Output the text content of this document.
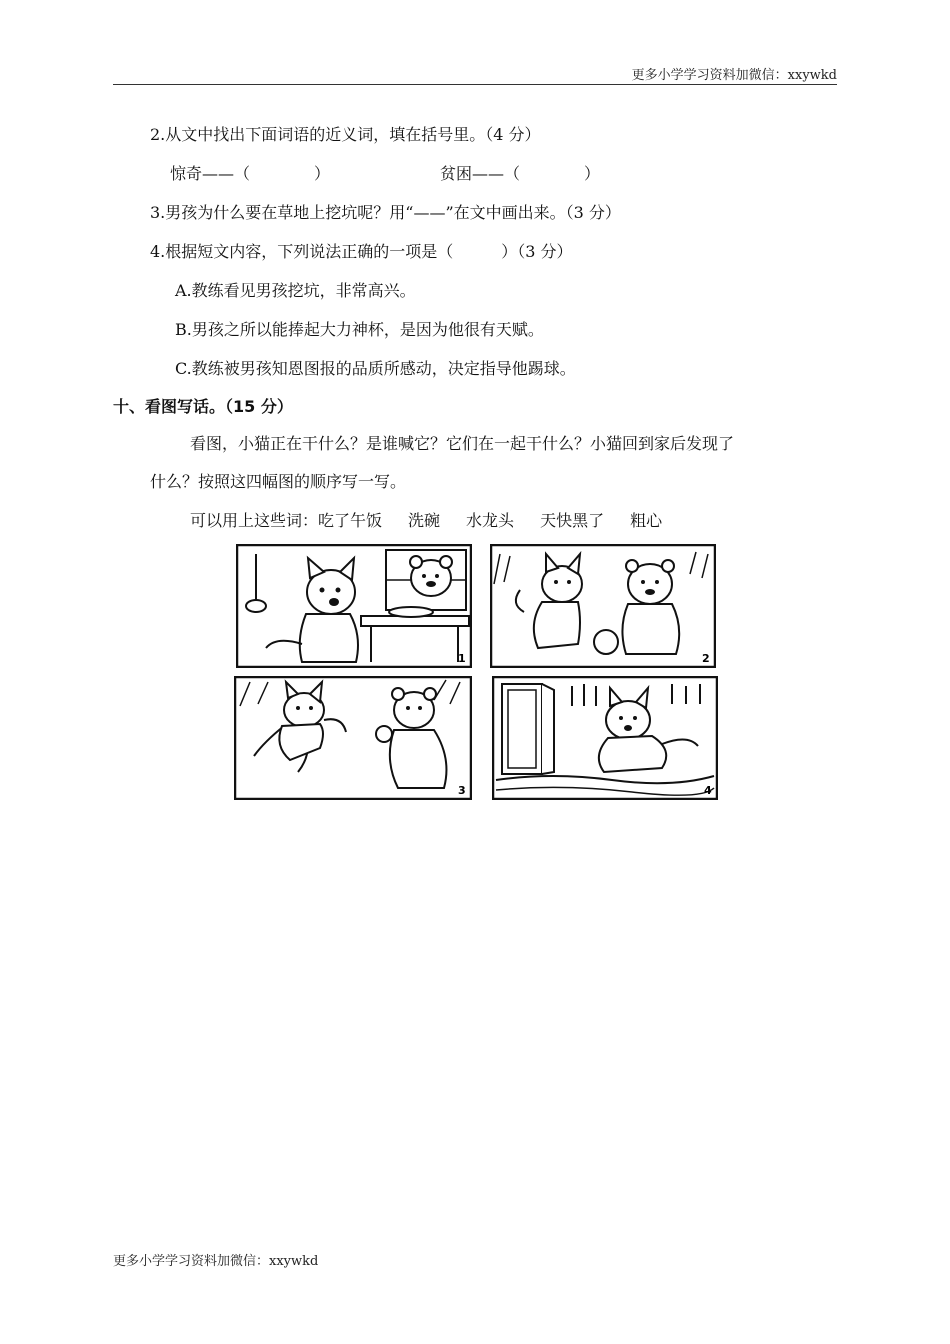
更多小学学习资料加微信：xxywkd
2.从文中找出下面词语的近义词，填在括号里。（4 分）
惊奇——（　　　　）	贫困——（　　　　）
3.男孩为什么要在草地上挖坑呢？用“——”在文中画出来。（3 分）
4.根据短文内容，下列说法正确的一项是（　　　）（3 分）
A.教练看见男孩挖坑，非常高兴。
B.男孩之所以能捧起大力神杯，是因为他很有天赋。
C.教练被男孩知恩图报的品质所感动，决定指导他踢球。
十、看图写话。（15 分）
看图，小猫正在干什么？是谁喊它？它们在一起干什么？小猫回到家后发现了
什么？按照这四幅图的顺序写一写。
可以用上这些词：吃了午饭 洗碗 水龙头 天快黑了 粗心
1	2
3	4
更多小学学习资料加微信：xxywkd
